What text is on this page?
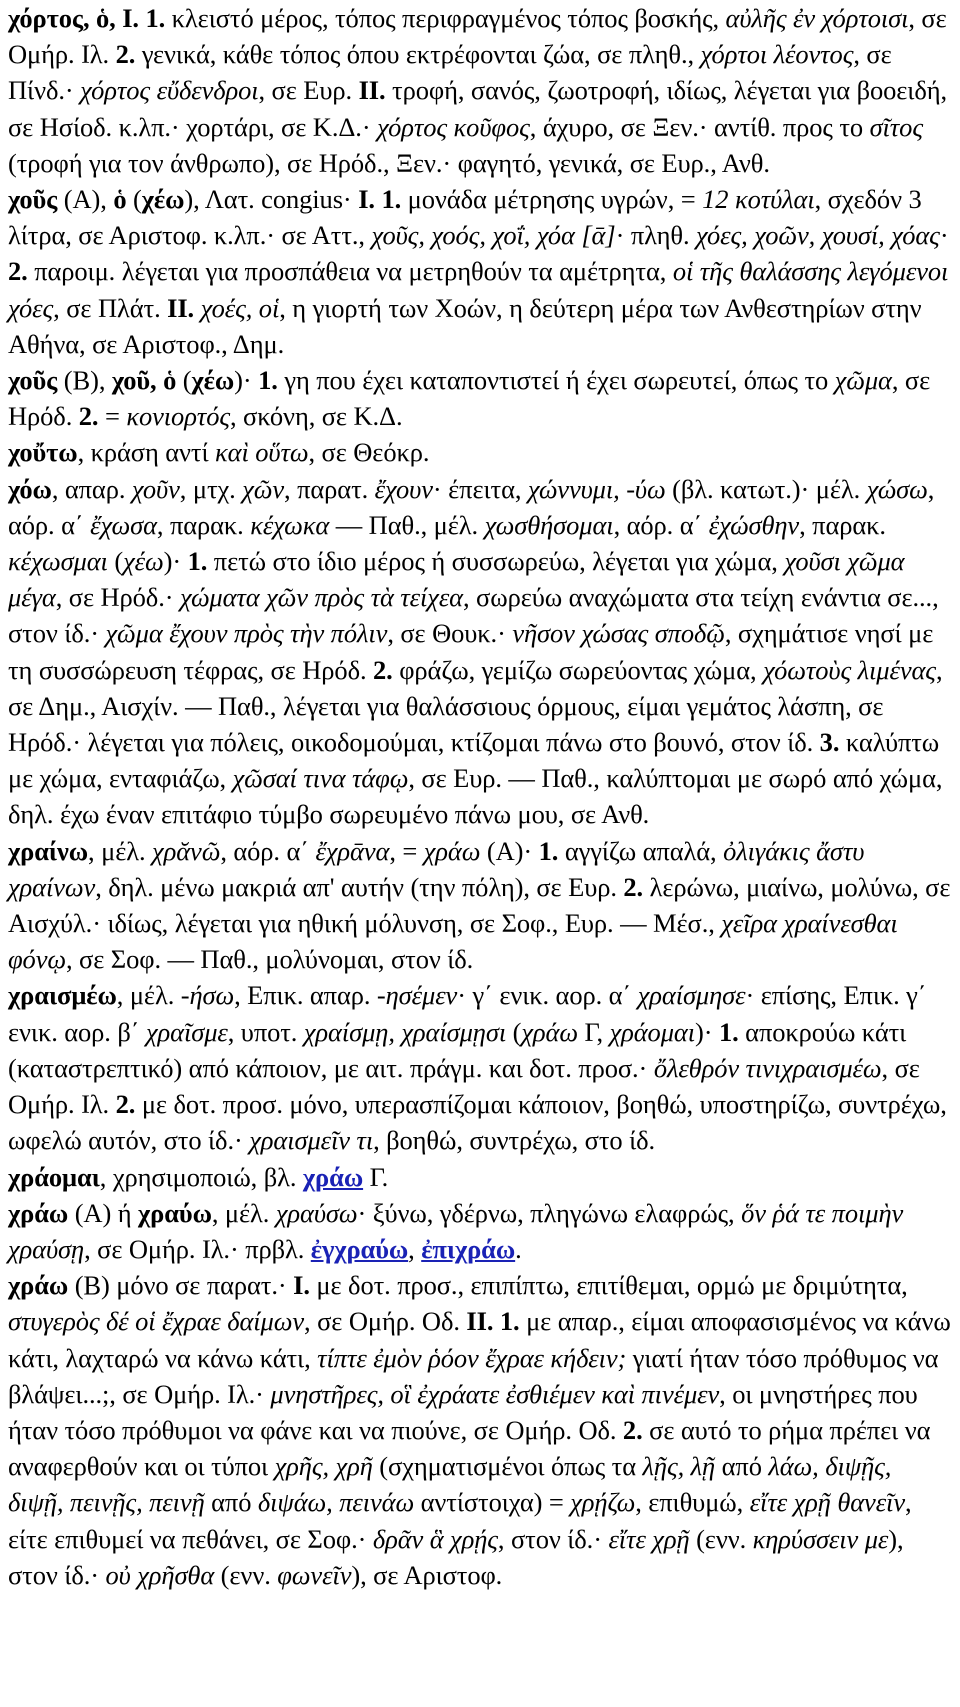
χόρτος, ὁ, I. 1. κλειστό μέρος, τόπος περιφραγμένος τόπος βοσκής, αὐλῆς ἐν χόρτοισι, σε Ομήρ. Ιλ. 2. γενικά, κάθε τόπος όπου εκτρέφονται ζώα, σε πληθ., χόρτοι λέοντος, σε Πίνδ.· χόρτος εὔδενδροι, σε Ευρ. II. τροφή, σανός, ζωοτροφή, ιδίως, λέγεται για βοοειδή, σε Ησίοδ. κ.λπ.· χορτάρι, σε Κ.Δ.· χόρτος κοῦφος, άχυρο, σε Ξεν.· αντίθ. προς το σῖτος (τροφή για τον άνθρωπο), σε Ηρόδ., Ξεν.· φαγητό, γενικά, σε Ευρ., Ανθ.

χοῦς (Α), ὁ (χέω), Λατ. congius· I. 1. μονάδα μέτρησης υγρών, = 12 κοτύλαι, σχεδόν 3 λίτρα, σε Αριστοφ. κ.λπ.· σε Αττ., χοῦς, χοός, χοΐ, χόα [ᾱ]· πληθ. χόες, χοῶν, χουσί, χόας· 2. παροιμ. λέγεται για προσπάθεια να μετρηθούν τα αμέτρητα, οἱ τῆς θαλάσσης λεγόμενοι χόες, σε Πλάτ. II. χοές, οἱ, η γιορτή των Χοών, η δεύτερη μέρα των Ανθεστηρίων στην Αθήνα, σε Αριστοφ., Δημ.

χοῦς (Β), χοῦ, ὁ (χέω)· 1. γη που έχει καταποντιστεί ή έχει σωρευτεί, όπως το χῶμα, σε Ηρόδ. 2. = κονιορτός, σκόνη, σε Κ.Δ.

χοὔτω, κράση αντί καὶ οὕτω, σε Θεόκρ.

χόω, απαρ. χοῦν, μτχ. χῶν, παρατ. ἔχουν· έπειτα, χώννυμι, -ύω (βλ. κατωτ.)· μέλ. χώσω, αόρ. α΄ ἔχωσα, παρακ. κέχωκα — Παθ., μέλ. χωσθήσομαι, αόρ. α΄ ἐχώσθην, παρακ. κέχωσμαι (χέω)· 1. πετώ στο ίδιο μέρος ή συσσωρεύω, λέγεται για χώμα, χοῦσι χῶμα μέγα, σε Ηρόδ.· χώματα χῶν πρὸς τὰ τείχεα, σωρεύω αναχώματα στα τείχη ενάντια σε..., στον ίδ.· χῶμα ἔχουν πρὸς τὴν πόλιν, σε Θουκ.· νῆσον χώσας σποδῷ, σχημάτισε νησί με τη συσσώρευση τέφρας, σε Ηρόδ. 2. φράζω, γεμίζω σωρεύοντας χώμα, χόωτοὺς λιμένας, σε Δημ., Αισχίν. — Παθ., λέγεται για θαλάσσιους όρμους, είμαι γεμάτος λάσπη, σε Ηρόδ.· λέγεται για πόλεις, οικοδομούμαι, κτίζομαι πάνω στο βουνό, στον ίδ. 3. καλύπτω με χώμα, ενταφιάζω, χῶσαί τινα τάφῳ, σε Ευρ. — Παθ., καλύπτομαι με σωρό από χώμα, δηλ. έχω έναν επιτάφιο τύμβο σωρευμένο πάνω μου, σε Ανθ.

χραίνω, μέλ. χρᾰνῶ, αόρ. α΄ ἔχρᾱνα, = χράω (Α)· 1. αγγίζω απαλά, ὀλιγάκις ἄστυ χραίνων, δηλ. μένω μακριά απ' αυτήν (την πόλη), σε Ευρ. 2. λερώνω, μιαίνω, μολύνω, σε Αισχύλ.· ιδίως, λέγεται για ηθική μόλυνση, σε Σοφ., Ευρ. — Μέσ., χεῖρα χραίνεσθαι φόνῳ, σε Σοφ. — Παθ., μολύνομαι, στον ίδ.

χραισμέω, μέλ. -ήσω, Επικ. απαρ. -ησέμεν· γ΄ ενικ. αορ. α΄ χραίσμησε· επίσης, Επικ. γ΄ ενικ. αορ. β΄ χραῖσμε, υποτ. χραίσμῃ, χραίσμῃσι (χράω Γ, χράομαι)· 1. αποκρούω κάτι (καταστρεπτικό) από κάποιον, με αιτ. πράγμ. και δοτ. προσ.· ὄλεθρόν τινιχραισμέω, σε Ομήρ. Ιλ. 2. με δοτ. προσ. μόνο, υπερασπίζομαι κάποιον, βοηθώ, υποστηρίζω, συντρέχω, ωφελώ αυτόν, στο ίδ.· χραισμεῖν τι, βοηθώ, συντρέχω, στο ίδ.

χράομαι, χρησιμοποιώ, βλ. χράω Γ.

χράω (Α) ή χραύω, μέλ. χραύσω· ξύνω, γδέρνω, πληγώνω ελαφρώς, ὅν ῥά τε ποιμὴν χραύσῃ, σε Ομήρ. Ιλ.· πρβλ. ἐγχραύω, ἐπιχράω.

χράω (Β) μόνο σε παρατ.· I. με δοτ. προσ., επιπίπτω, επιτίθεμαι, ορμώ με δριμύτητα, στυγερὸς δέ οἱ ἔχραε δαίμων, σε Ομήρ. Οδ. II. 1. με απαρ., είμαι αποφασισμένος να κάνω κάτι, λαχταρώ να κάνω κάτι, τίπτε ἐμὸν ῥόον ἔχραε κήδειν; γιατί ήταν τόσο πρόθυμος να βλάψει...;, σε Ομήρ. Ιλ.· μνηστῆρες, οἳ ἐχράατε ἐσθιέμεν καὶ πινέμεν, οι μνηστήρες που ήταν τόσο πρόθυμοι να φάνε και να πιούνε, σε Ομήρ. Οδ. 2. σε αυτό το ρήμα πρέπει να αναφερθούν και οι τύποι χρῆς, χρῆ (σχηματισμένοι όπως τα λῇς, λῇ από λάω, διψῇς, διψῇ, πεινῇς, πεινῇ από διψάω, πεινάω αντίστοιχα) = χρῄζω, επιθυμώ, εἴτε χρῇ θανεῖν, είτε επιθυμεί να πεθάνει, σε Σοφ.· δρᾶν ἃ χρῄς, στον ίδ.· εἴτε χρῇ (ενν. κηρύσσειν με), στον ίδ.· οὐ χρῆσθα (ενν. φωνεῖν), σε Αριστοφ.
